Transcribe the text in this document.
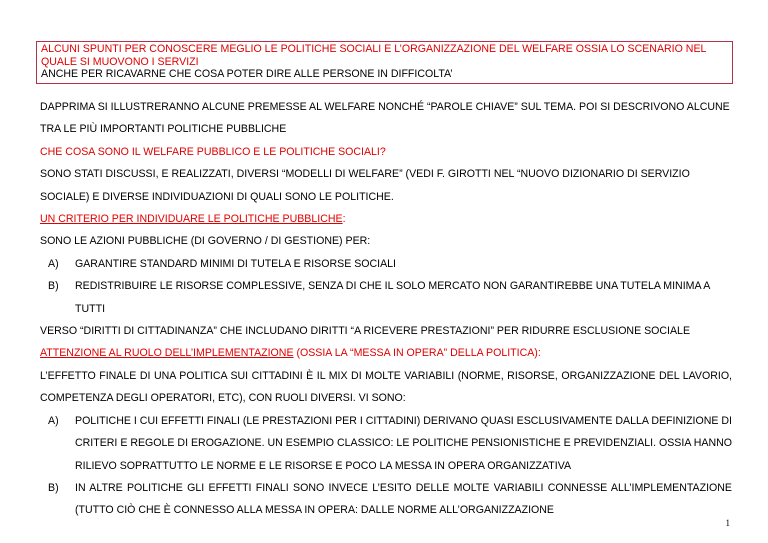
ALCUNI SPUNTI PER CONOSCERE MEGLIO LE POLITICHE SOCIALI E L’ORGANIZZAZIONE DEL WELFARE OSSIA LO SCENARIO NEL QUALE SI MUOVONO I SERVIZI
ANCHE PER RICAVARNE CHE COSA POTER DIRE ALLE PERSONE IN DIFFICOLTA’
DAPPRIMA SI ILLUSTRERANNO ALCUNE PREMESSE AL WELFARE NONCHÉ “PAROLE CHIAVE” SUL TEMA. POI SI DESCRIVONO ALCUNE TRA LE PIÙ IMPORTANTI POLITICHE PUBBLICHE
CHE COSA SONO IL WELFARE PUBBLICO E LE POLITICHE SOCIALI?
SONO STATI DISCUSSI, E REALIZZATI, DIVERSI “MODELLI DI WELFARE” (VEDI F. GIROTTI NEL “NUOVO DIZIONARIO DI SERVIZIO SOCIALE) E DIVERSE INDIVIDUAZIONI DI QUALI SONO LE POLITICHE.
UN CRITERIO PER INDIVIDUARE LE POLITICHE PUBBLICHE:
SONO LE AZIONI PUBBLICHE (DI GOVERNO / DI GESTIONE) PER:
A)	GARANTIRE STANDARD MINIMI DI TUTELA E RISORSE SOCIALI
B)	REDISTRIBUIRE LE RISORSE COMPLESSIVE, SENZA DI CHE IL SOLO MERCATO NON GARANTIREBBE UNA TUTELA MINIMA A TUTTI
VERSO “DIRITTI DI CITTADINANZA” CHE INCLUDANO DIRITTI “A RICEVERE PRESTAZIONI” PER RIDURRE ESCLUSIONE SOCIALE
ATTENZIONE AL RUOLO DELL’IMPLEMENTAZIONE (OSSIA LA “MESSA IN OPERA” DELLA POLITICA):
L’EFFETTO FINALE DI UNA POLITICA SUI CITTADINI È IL MIX DI MOLTE VARIABILI (NORME, RISORSE, ORGANIZZAZIONE DEL LAVORIO, COMPETENZA DEGLI OPERATORI, ETC), CON RUOLI DIVERSI. VI SONO:
A)	POLITICHE I CUI EFFETTI FINALI (LE PRESTAZIONI PER I CITTADINI) DERIVANO QUASI ESCLUSIVAMENTE DALLA DEFINIZIONE DI CRITERI E REGOLE DI EROGAZIONE. UN ESEMPIO CLASSICO: LE POLITICHE PENSIONISTICHE E PREVIDENZIALI. OSSIA HANNO RILIEVO SOPRATTUTTO LE NORME E LE RISORSE E POCO LA MESSA IN OPERA ORGANIZZATIVA
B)	IN ALTRE POLITICHE GLI EFFETTI FINALI SONO INVECE L’ESITO DELLE MOLTE VARIABILI CONNESSE ALL’IMPLEMENTAZIONE (TUTTO CIÒ CHE È CONNESSO ALLA MESSA IN OPERA: DALLE NORME ALL’ORGANIZZAZIONE
1
